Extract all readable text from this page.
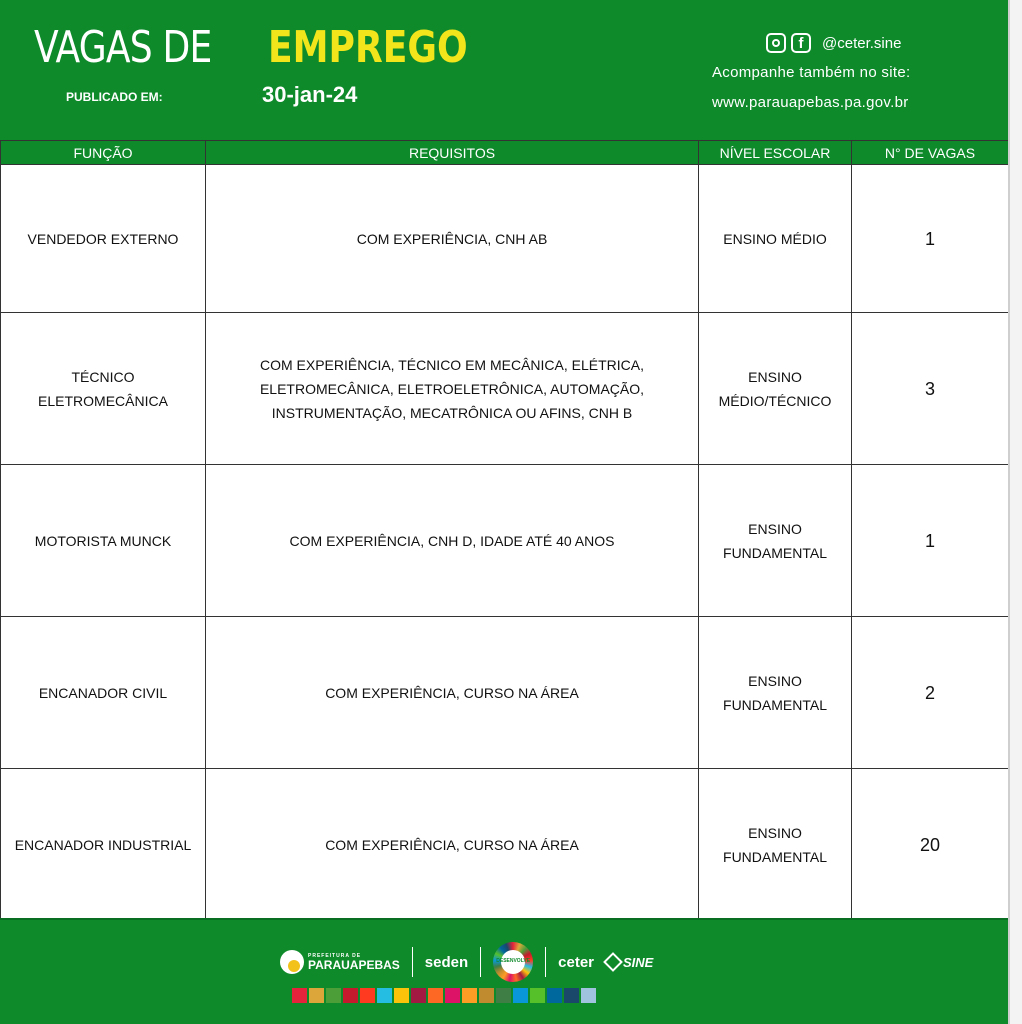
VAGAS DE EMPREGO
PUBLICADO EM:	30-jan-24
f	@ceter.sine
Acompanhe também no site:
www.parauapebas.pa.gov.br
FUNÇÃO	REQUISITOS	NÍVEL ESCOLAR	N° DE VAGAS
VENDEDOR EXTERNO	COM EXPERIÊNCIA, CNH AB	ENSINO MÉDIO	1
TÉCNICO ELETROMECÂNICA	COM EXPERIÊNCIA, TÉCNICO EM MECÂNICA, ELÉTRICA, ELETROMECÂNICA, ELETROELETRÔNICA, AUTOMAÇÃO, INSTRUMENTAÇÃO, MECATRÔNICA OU AFINS, CNH B	ENSINO MÉDIO/TÉCNICO	3
MOTORISTA MUNCK	COM EXPERIÊNCIA, CNH D, IDADE ATÉ 40 ANOS	ENSINO FUNDAMENTAL	1
ENCANADOR CIVIL	COM EXPERIÊNCIA, CURSO NA ÁREA	ENSINO FUNDAMENTAL	2
ENCANADOR INDUSTRIAL	COM EXPERIÊNCIA, CURSO NA ÁREA	ENSINO FUNDAMENTAL	20
PREFEITURA DE
PARAUAPEBAS seden	DESENVOLVE ceter SINE
